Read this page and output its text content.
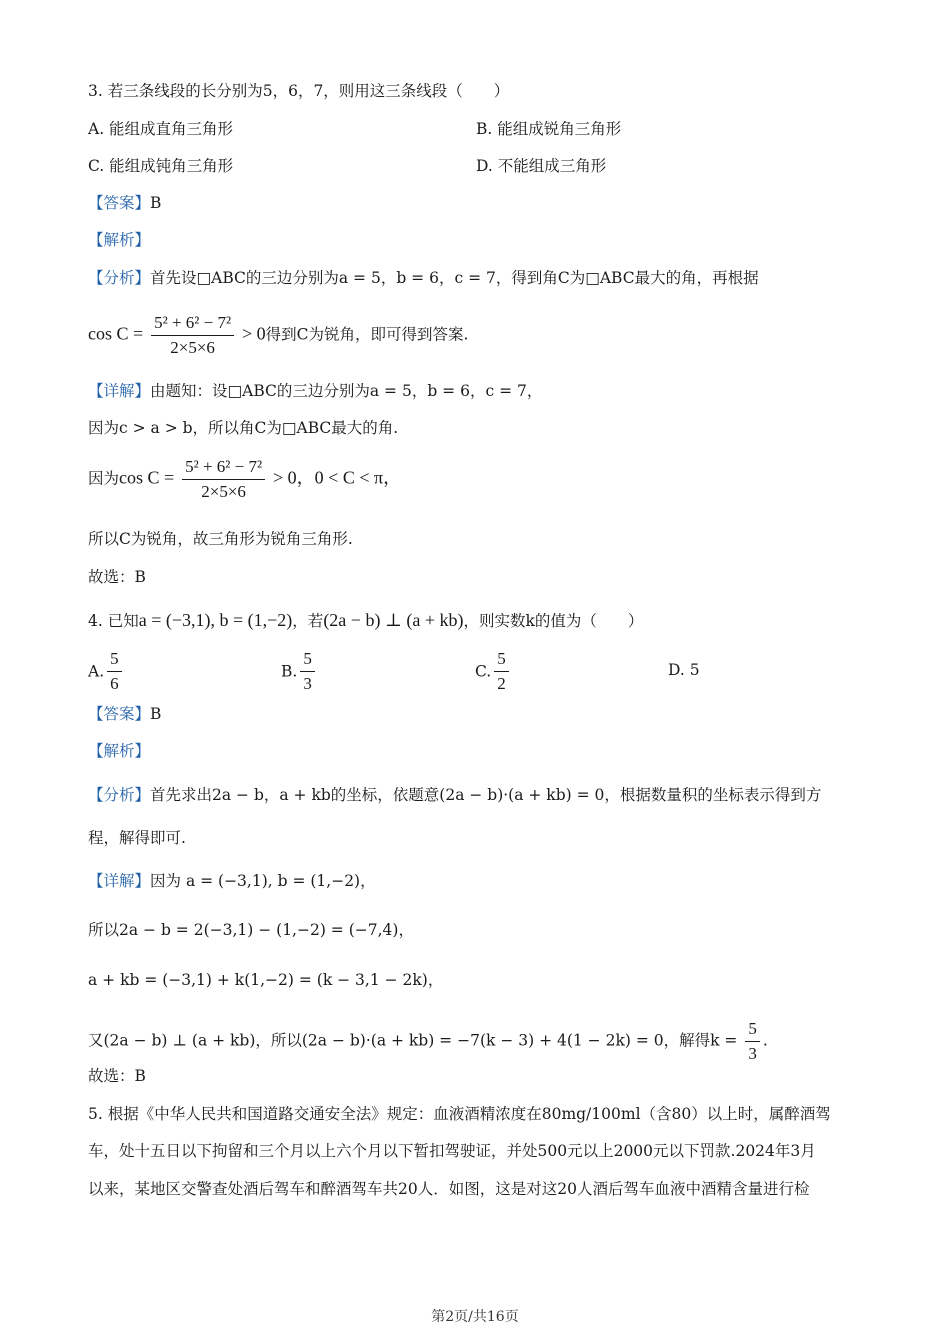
3. 若三条线段的长分别为5，6，7，则用这三条线段（　　）
A. 能组成直角三角形	B. 能组成锐角三角形
C. 能组成钝角三角形	D. 不能组成三角形
【答案】B
【解析】
【分析】首先设□ABC的三边分别为a = 5，b = 6，c = 7，得到角C为□ABC最大的角，再根据
$\cos C = \frac{\text{5² + 6² − 7²}}{2\times 5\times 6} > 0$得到C为锐角，即可得到答案.
【详解】由题知：设□ABC的三边分别为a = 5，b = 6，c = 7，
因为c > a > b，所以角C为□ABC最大的角.
因为$\cos C = \frac{\text{5² + 6² − 7²}}{2\times 5\times 6} > 0$，0 < C < π，
所以C为锐角，故三角形为锐角三角形.
故选：B
4. 已知a = (−3,1), b = (1,−2)，若(2a − b) ⊥ (a + kb)，则实数k的值为（　　）
A. $\frac{5}{6}$	B. $\frac{5}{3}$	C. $\frac{5}{2}$	D. 5
【答案】B
【解析】
【分析】首先求出2a − b，a + kb的坐标，依题意(2a − b)·(a + kb) = 0，根据数量积的坐标表示得到方
程，解得即可.
【详解】因为 a = (−3,1), b = (1,−2)，
所以2a − b = 2(−3,1) − (1,−2) = (−7,4)，
a + kb = (−3,1) + k(1,−2) = (k − 3,1 − 2k)，
又(2a − b) ⊥ (a + kb)，所以(2a − b)·(a + kb) = −7(k − 3) + 4(1 − 2k) = 0，解得$k = \frac{5}{3}$ .
故选：B
5. 根据《中华人民共和国道路交通安全法》规定：血液酒精浓度在80mg/100ml（含80）以上时，属醉酒驾
车，处十五日以下拘留和三个月以上六个月以下暂扣驾驶证，并处500元以上2000元以下罚款.2024年3月
以来，某地区交警查处酒后驾车和醉酒驾车共20人．如图，这是对这20人酒后驾车血液中酒精含量进行检
第2页/共16页
